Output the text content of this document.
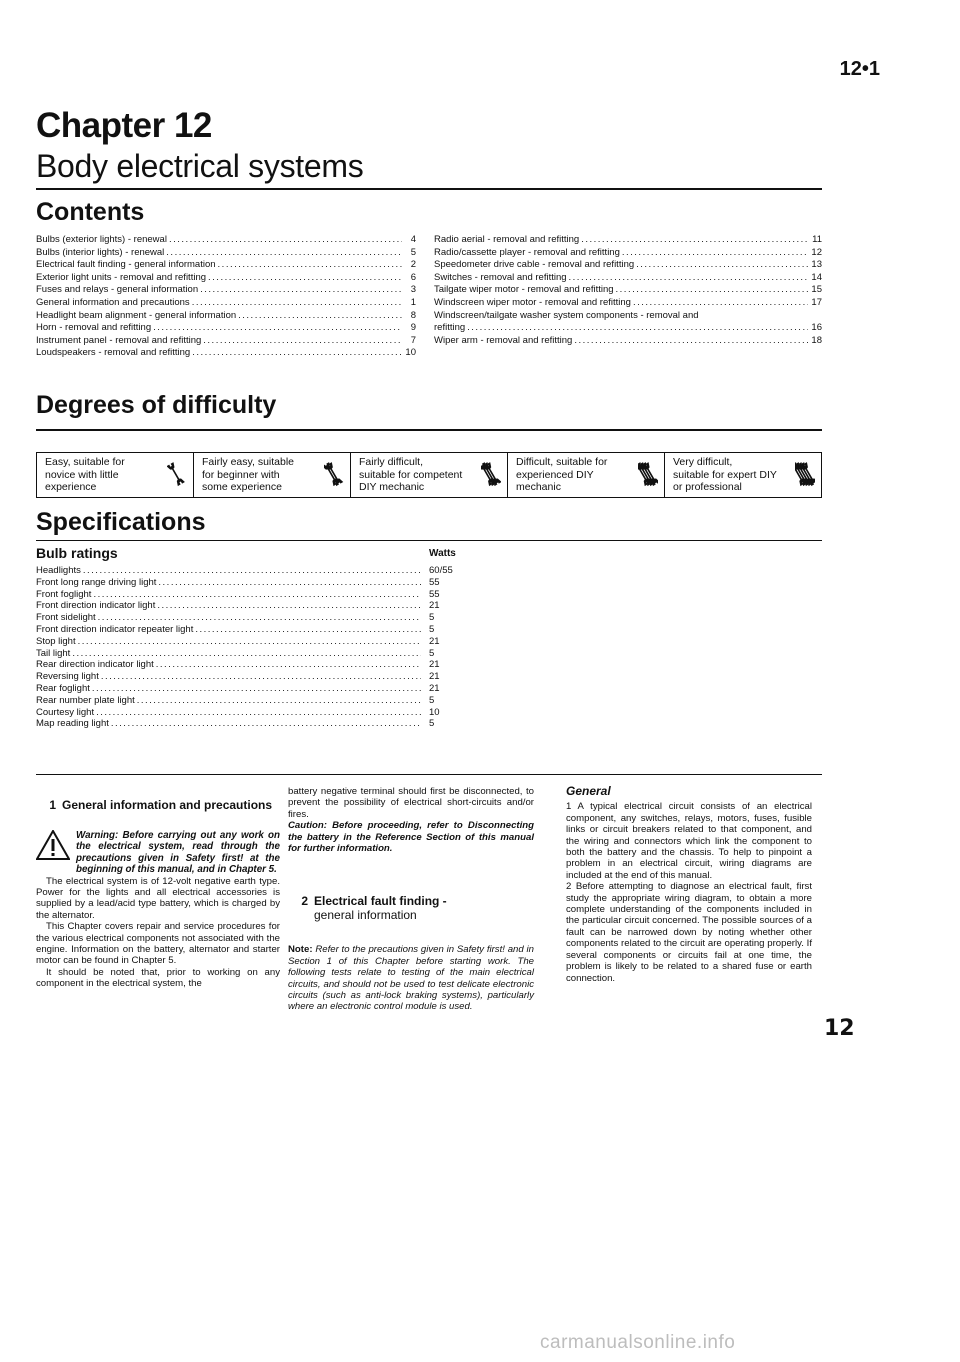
12•1
Chapter 12
Body electrical systems
Contents
Bulbs (exterior lights) - renewal .....	4
Bulbs (interior lights) - renewal .....	5
Electrical fault finding - general information .....	2
Exterior light units - removal and refitting .....	6
Fuses and relays - general information .....	3
General information and precautions .....	1
Headlight beam alignment - general information .....	8
Horn - removal and refitting .....	9
Instrument panel - removal and refitting .....	7
Loudspeakers - removal and refitting .....	10
Radio aerial - removal and refitting .....	11
Radio/cassette player - removal and refitting .....	12
Speedometer drive cable - removal and refitting .....	13
Switches - removal and refitting .....	14
Tailgate wiper motor - removal and refitting .....	15
Windscreen wiper motor - removal and refitting .....	17
Windscreen/tailgate washer system components - removal and
refitting .....	16
Wiper arm - removal and refitting .....	18
Degrees of difficulty
Easy, suitable for
novice with little
experience
Fairly easy, suitable
for beginner with
some experience
Fairly difficult,
suitable for competent
DIY mechanic
Difficult, suitable for
experienced DIY
mechanic
Very difficult,
suitable for expert DIY
or professional
Specifications
Bulb ratings	Watts
Headlights .....	60/55
Front long range driving light .....	55
Front foglight .....	55
Front direction indicator light .....	21
Front sidelight .....	5
Front direction indicator repeater light .....	5
Stop light .....	21
Tail light .....	5
Rear direction indicator light .....	21
Reversing light .....	21
Rear foglight .....	21
Rear number plate light .....	5
Courtesy light .....	10
Map reading light .....	5
1 General information and precautions

Warning: Before carrying out any work on the electrical system, read through the precautions given in Safety first! at the beginning of this manual, and in Chapter 5.

The electrical system is of 12-volt negative earth type. Power for the lights and all electrical accessories is supplied by a lead/acid type battery, which is charged by the alternator.

This Chapter covers repair and service procedures for the various electrical components not associated with the engine. Information on the battery, alternator and starter motor can be found in Chapter 5.

It should be noted that, prior to working on any component in the electrical system, the

battery negative terminal should first be disconnected, to prevent the possibility of electrical short-circuits and/or fires.

Caution: Before proceeding, refer to Disconnecting the battery in the Reference Section of this manual for further information.

2 Electrical fault finding -
general information

Note: Refer to the precautions given in Safety first! and in Section 1 of this Chapter before starting work. The following tests relate to testing of the main electrical circuits, and should not be used to test delicate electronic circuits (such as anti-lock braking systems), particularly where an electronic control module is used.

General

1 A typical electrical circuit consists of an electrical component, any switches, relays, motors, fuses, fusible links or circuit breakers related to that component, and the wiring and connectors which link the component to both the battery and the chassis. To help to pinpoint a problem in an electrical circuit, wiring diagrams are included at the end of this manual.

2 Before attempting to diagnose an electrical fault, first study the appropriate wiring diagram, to obtain a more complete understanding of the components included in the particular circuit concerned. The possible sources of a fault can be narrowed down by noting whether other components related to the circuit are operating properly. If several components or circuits fail at one time, the problem is likely to be related to a shared fuse or earth connection.

12
carmanualsonline.info
